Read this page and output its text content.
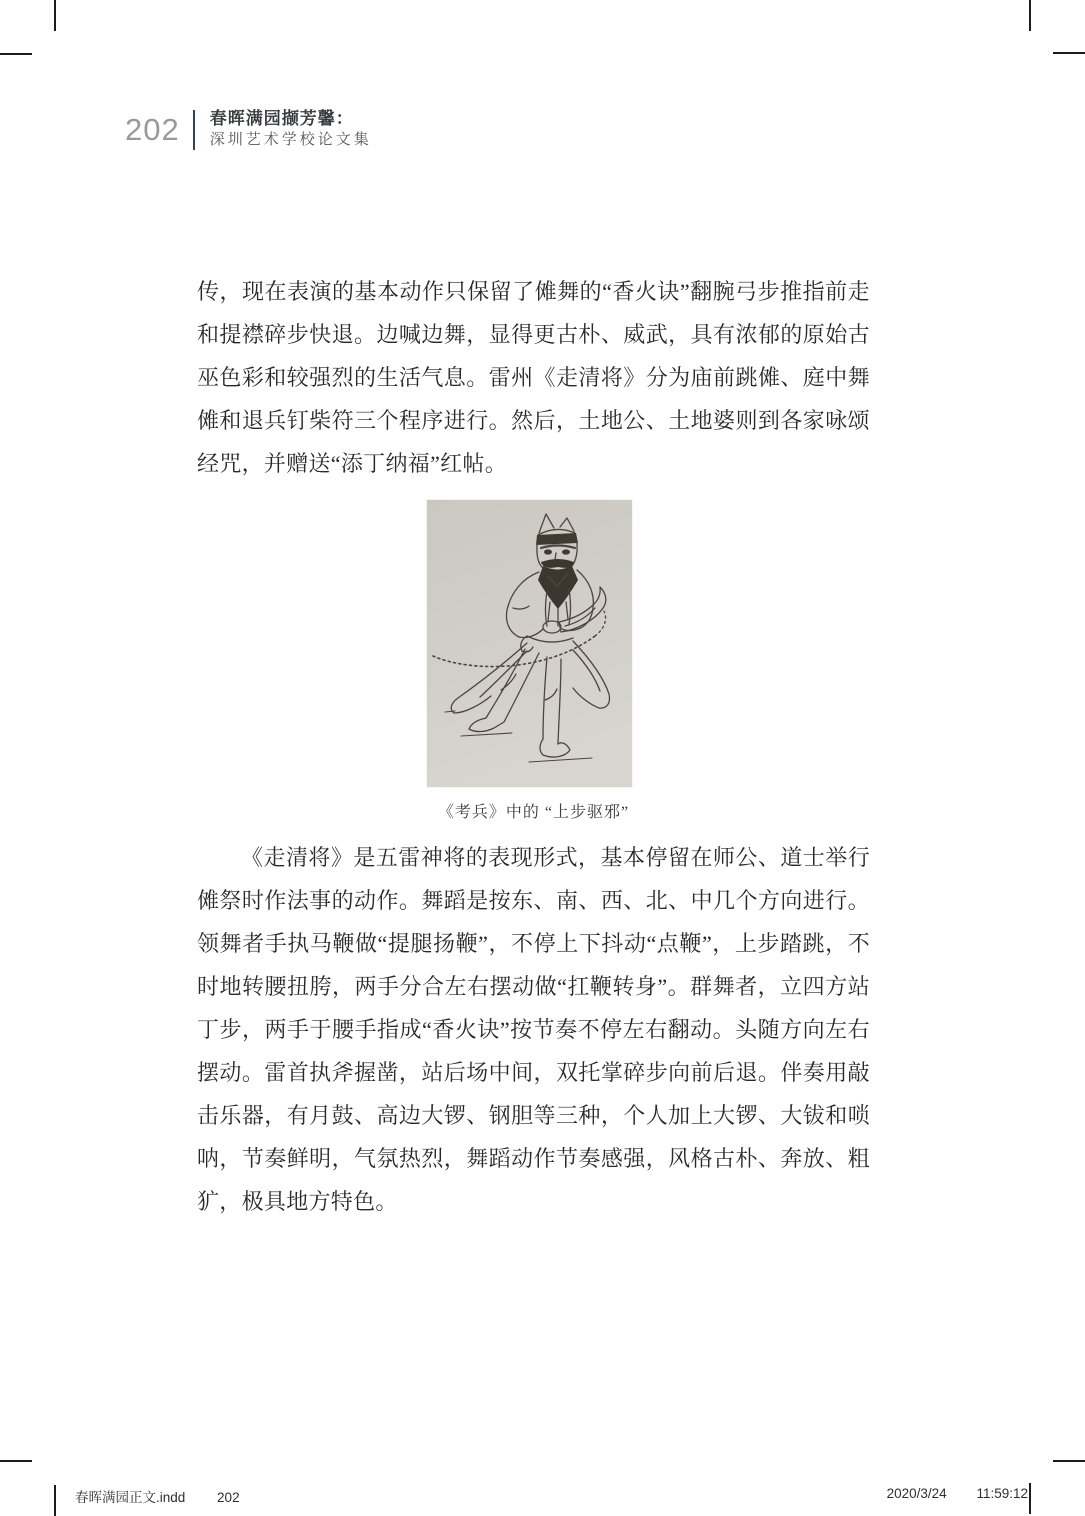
202 春晖满园撷芳馨：
深圳艺术学校论文集
传，现在表演的基本动作只保留了傩舞的“香火诀”翻腕弓步推指前走和提襟碎步快退。边喊边舞，显得更古朴、威武，具有浓郁的原始古巫色彩和较强烈的生活气息。雷州《走清将》分为庙前跳傩、庭中舞傩和退兵钉柴符三个程序进行。然后，土地公、土地婆则到各家咏颂经咒，并赠送“添丁纳福”红帖。
《考兵》中的 “上步驱邪”
《走清将》是五雷神将的表现形式，基本停留在师公、道士举行傩祭时作法事的动作。舞蹈是按东、南、西、北、中几个方向进行。领舞者手执马鞭做“提腿扬鞭”，不停上下抖动“点鞭”，上步踏跳，不时地转腰扭胯，两手分合左右摆动做“扛鞭转身”。群舞者，立四方站丁步，两手于腰手指成“香火诀”按节奏不停左右翻动。头随方向左右摆动。雷首执斧握凿，站后场中间，双托掌碎步向前后退。伴奏用敲击乐器，有月鼓、高边大锣、钢胆等三种，个人加上大锣、大钹和唢呐，节奏鲜明，气氛热烈，舞蹈动作节奏感强，风格古朴、奔放、粗犷，极具地方特色。
春晖满园正文.indd 202	2020/3/24 11:59:12
